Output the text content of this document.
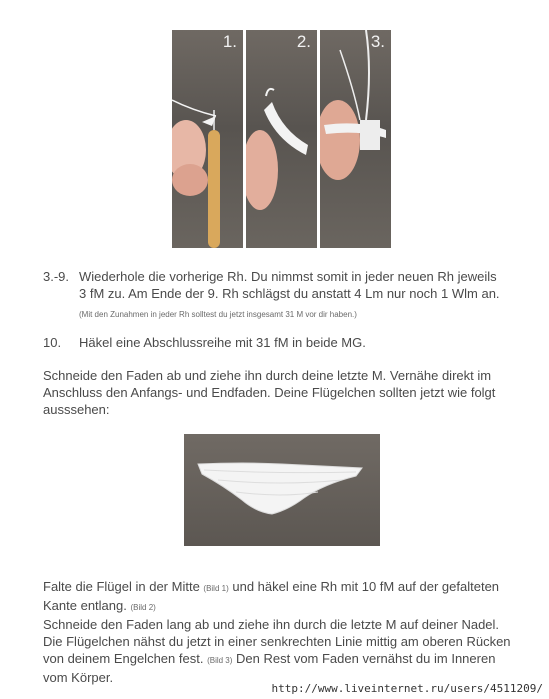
1.	2.	3.
3.-9. Wiederhole die vorherige Rh. Du nimmst somit in jeder neuen Rh jeweils
3 fM zu. Am Ende der 9. Rh schlägst du anstatt 4 Lm nur noch 1 Wlm an.
(Mit den Zunahmen in jeder Rh solltest du jetzt insgesamt 31 M vor dir haben.)
10. Häkel eine Abschlussreihe mit 31 fM in beide MG.
Schneide den Faden ab und ziehe ihn durch deine letzte M. Vernähe direkt im Anschluss den Anfangs- und Endfaden. Deine Flügelchen sollten jetzt wie folgt ausssehen:
Falte die Flügel in der Mitte (Bild 1) und häkel eine Rh mit 10 fM auf der gefalteten Kante entlang. (Bild 2)
Schneide den Faden lang ab und ziehe ihn durch die letzte M auf deiner Nadel. Die Flügelchen nähst du jetzt in einer senkrechten Linie mittig am oberen Rücken von deinem Engelchen fest. (Bild 3) Den Rest vom Faden vernähst du im Inneren vom Körper.
http://www.liveinternet.ru/users/4511209/
